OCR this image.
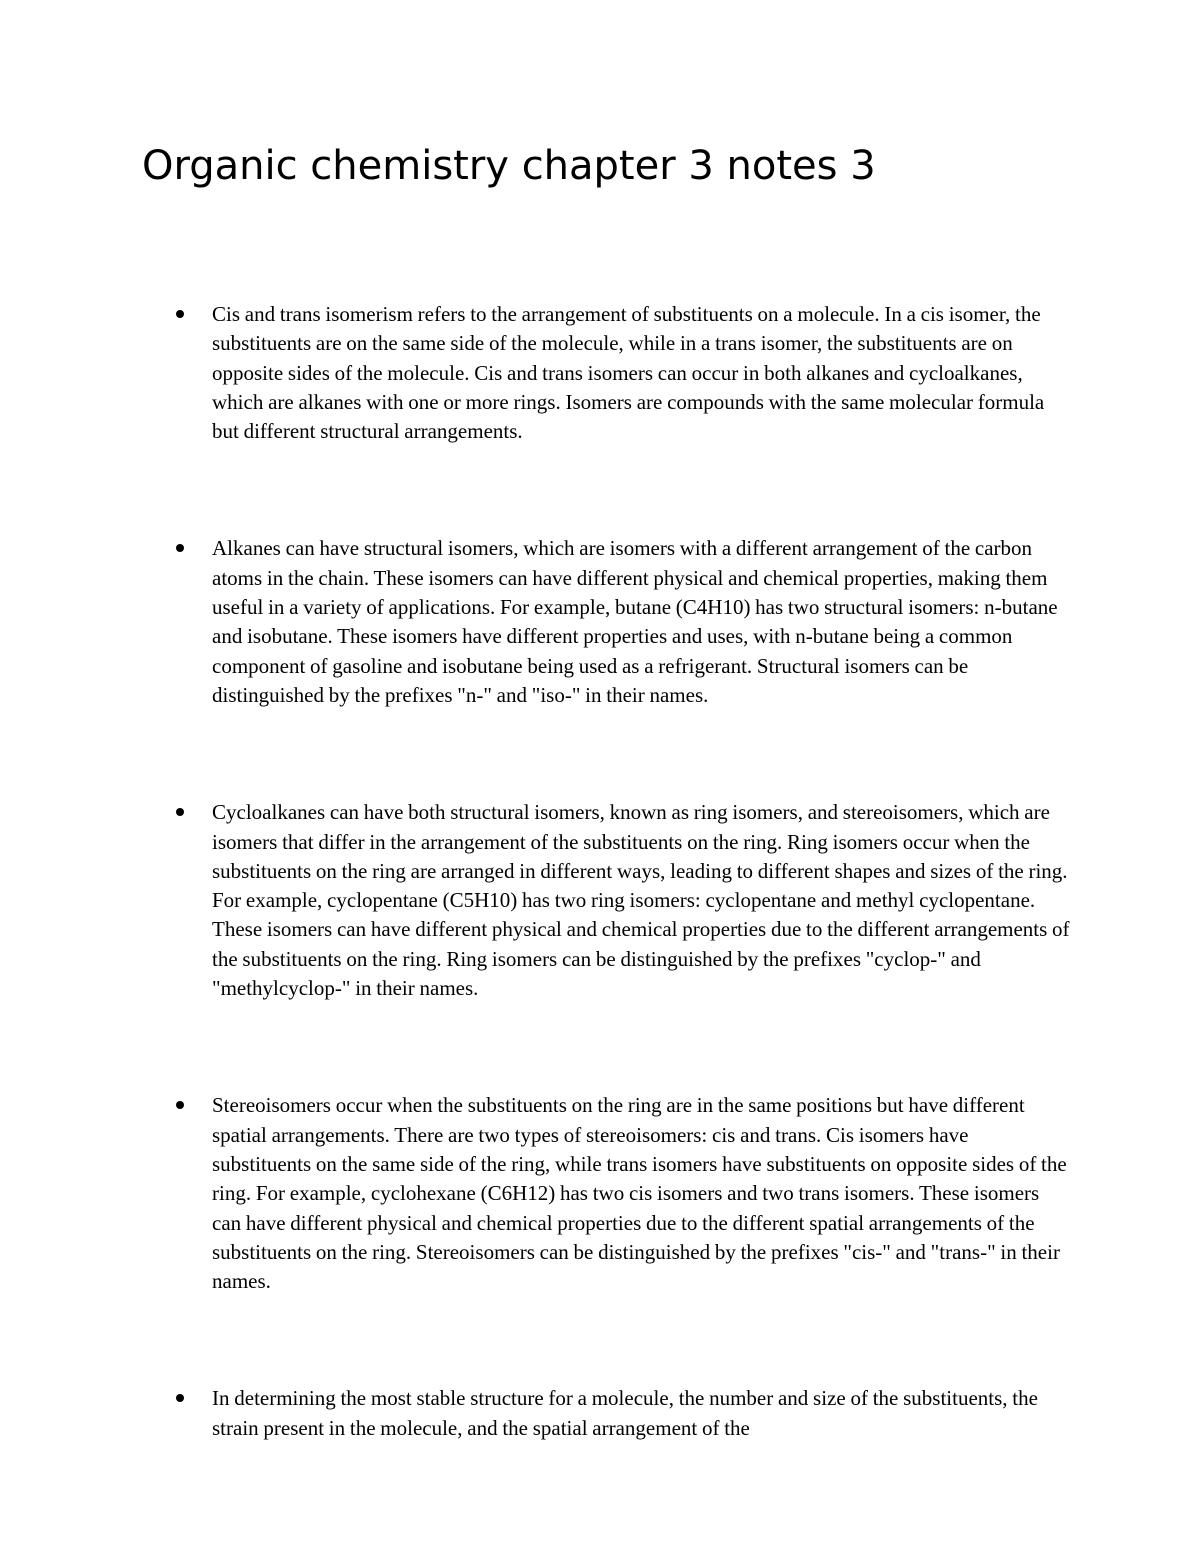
Organic chemistry chapter 3 notes 3
Cis and trans isomerism refers to the arrangement of substituents on a molecule. In a cis isomer, the substituents are on the same side of the molecule, while in a trans isomer, the substituents are on opposite sides of the molecule. Cis and trans isomers can occur in both alkanes and cycloalkanes, which are alkanes with one or more rings. Isomers are compounds with the same molecular formula but different structural arrangements.
Alkanes can have structural isomers, which are isomers with a different arrangement of the carbon atoms in the chain. These isomers can have different physical and chemical properties, making them useful in a variety of applications. For example, butane (C4H10) has two structural isomers: n-butane and isobutane. These isomers have different properties and uses, with n-butane being a common component of gasoline and isobutane being used as a refrigerant. Structural isomers can be distinguished by the prefixes "n-" and "iso-" in their names.
Cycloalkanes can have both structural isomers, known as ring isomers, and stereoisomers, which are isomers that differ in the arrangement of the substituents on the ring. Ring isomers occur when the substituents on the ring are arranged in different ways, leading to different shapes and sizes of the ring. For example, cyclopentane (C5H10) has two ring isomers: cyclopentane and methyl cyclopentane. These isomers can have different physical and chemical properties due to the different arrangements of the substituents on the ring. Ring isomers can be distinguished by the prefixes "cyclop-" and "methylcyclop-" in their names.
Stereoisomers occur when the substituents on the ring are in the same positions but have different spatial arrangements. There are two types of stereoisomers: cis and trans. Cis isomers have substituents on the same side of the ring, while trans isomers have substituents on opposite sides of the ring. For example, cyclohexane (C6H12) has two cis isomers and two trans isomers. These isomers can have different physical and chemical properties due to the different spatial arrangements of the substituents on the ring. Stereoisomers can be distinguished by the prefixes "cis-" and "trans-" in their names.
In determining the most stable structure for a molecule, the number and size of the substituents, the strain present in the molecule, and the spatial arrangement of the
